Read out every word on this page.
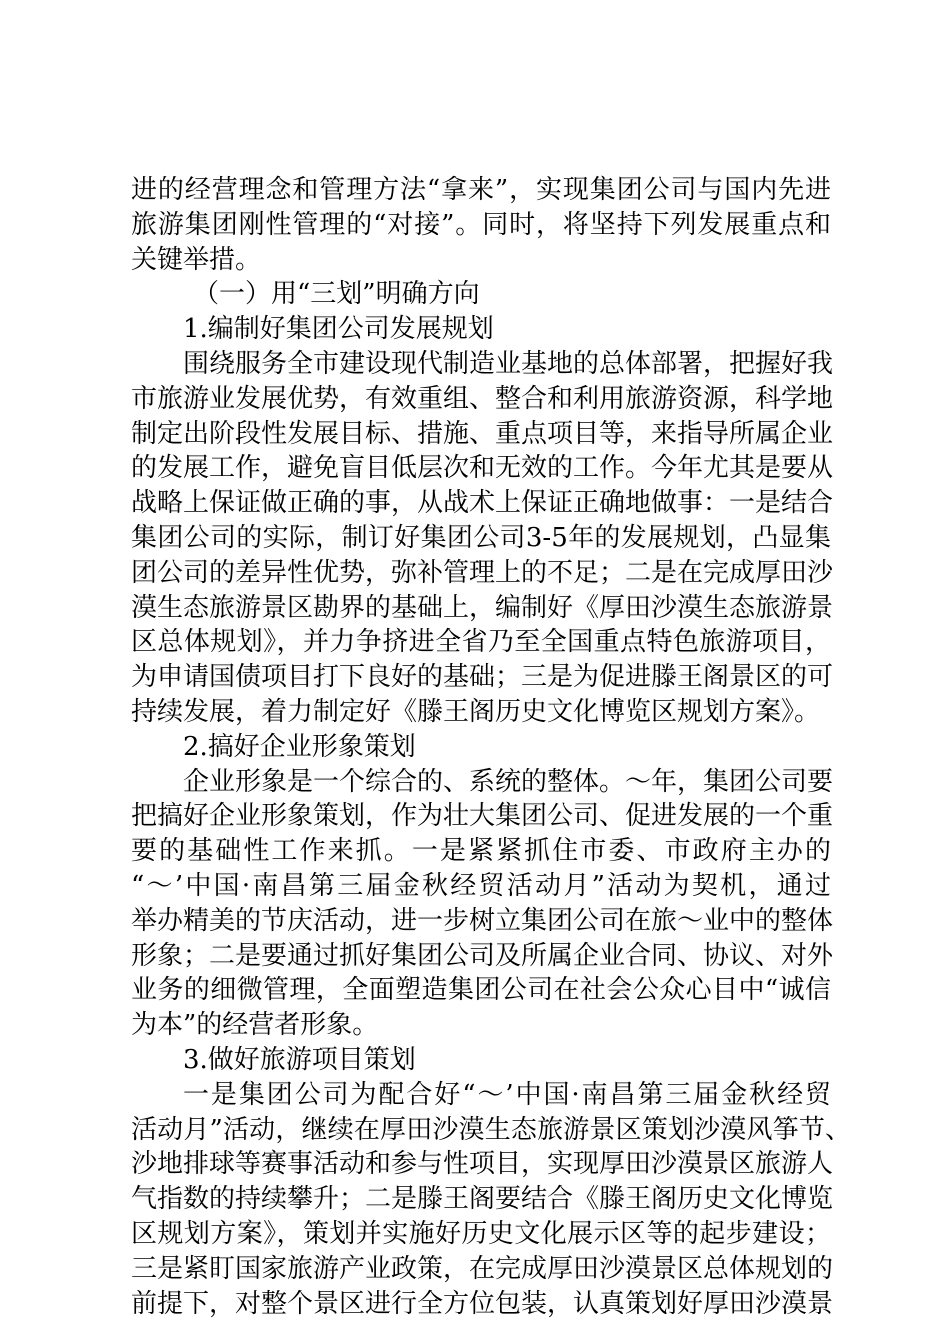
进的经营理念和管理方法“拿来”，实现集团公司与国内先进
旅游集团刚性管理的“对接”。同时，将坚持下列发展重点和
关键举措。
（一）用“三划”明确方向
1.编制好集团公司发展规划
围绕服务全市建设现代制造业基地的总体部署，把握好我
市旅游业发展优势，有效重组、整合和利用旅游资源，科学地
制定出阶段性发展目标、措施、重点项目等，来指导所属企业
的发展工作，避免盲目低层次和无效的工作。今年尤其是要从
战略上保证做正确的事，从战术上保证正确地做事：一是结合
集团公司的实际，制订好集团公司3-5年的发展规划，凸显集
团公司的差异性优势，弥补管理上的不足；二是在完成厚田沙
漠生态旅游景区勘界的基础上，编制好《厚田沙漠生态旅游景
区总体规划》，并力争挤进全省乃至全国重点特色旅游项目，
为申请国债项目打下良好的基础；三是为促进滕王阁景区的可
持续发展，着力制定好《滕王阁历史文化博览区规划方案》。
2.搞好企业形象策划
企业形象是一个综合的、系统的整体。～年，集团公司要
把搞好企业形象策划，作为壮大集团公司、促进发展的一个重
要的基础性工作来抓。一是紧紧抓住市委、市政府主办的
“～’中国·南昌第三届金秋经贸活动月”活动为契机，通过
举办精美的节庆活动，进一步树立集团公司在旅～业中的整体
形象；二是要通过抓好集团公司及所属企业合同、协议、对外
业务的细微管理，全面塑造集团公司在社会公众心目中“诚信
为本”的经营者形象。
3.做好旅游项目策划
一是集团公司为配合好“～’中国·南昌第三届金秋经贸
活动月”活动，继续在厚田沙漠生态旅游景区策划沙漠风筝节、
沙地排球等赛事活动和参与性项目，实现厚田沙漠景区旅游人
气指数的持续攀升；二是滕王阁要结合《滕王阁历史文化博览
区规划方案》，策划并实施好历史文化展示区等的起步建设；
三是紧盯国家旅游产业政策，在完成厚田沙漠景区总体规划的
前提下，对整个景区进行全方位包装，认真策划好厚田沙漠景
